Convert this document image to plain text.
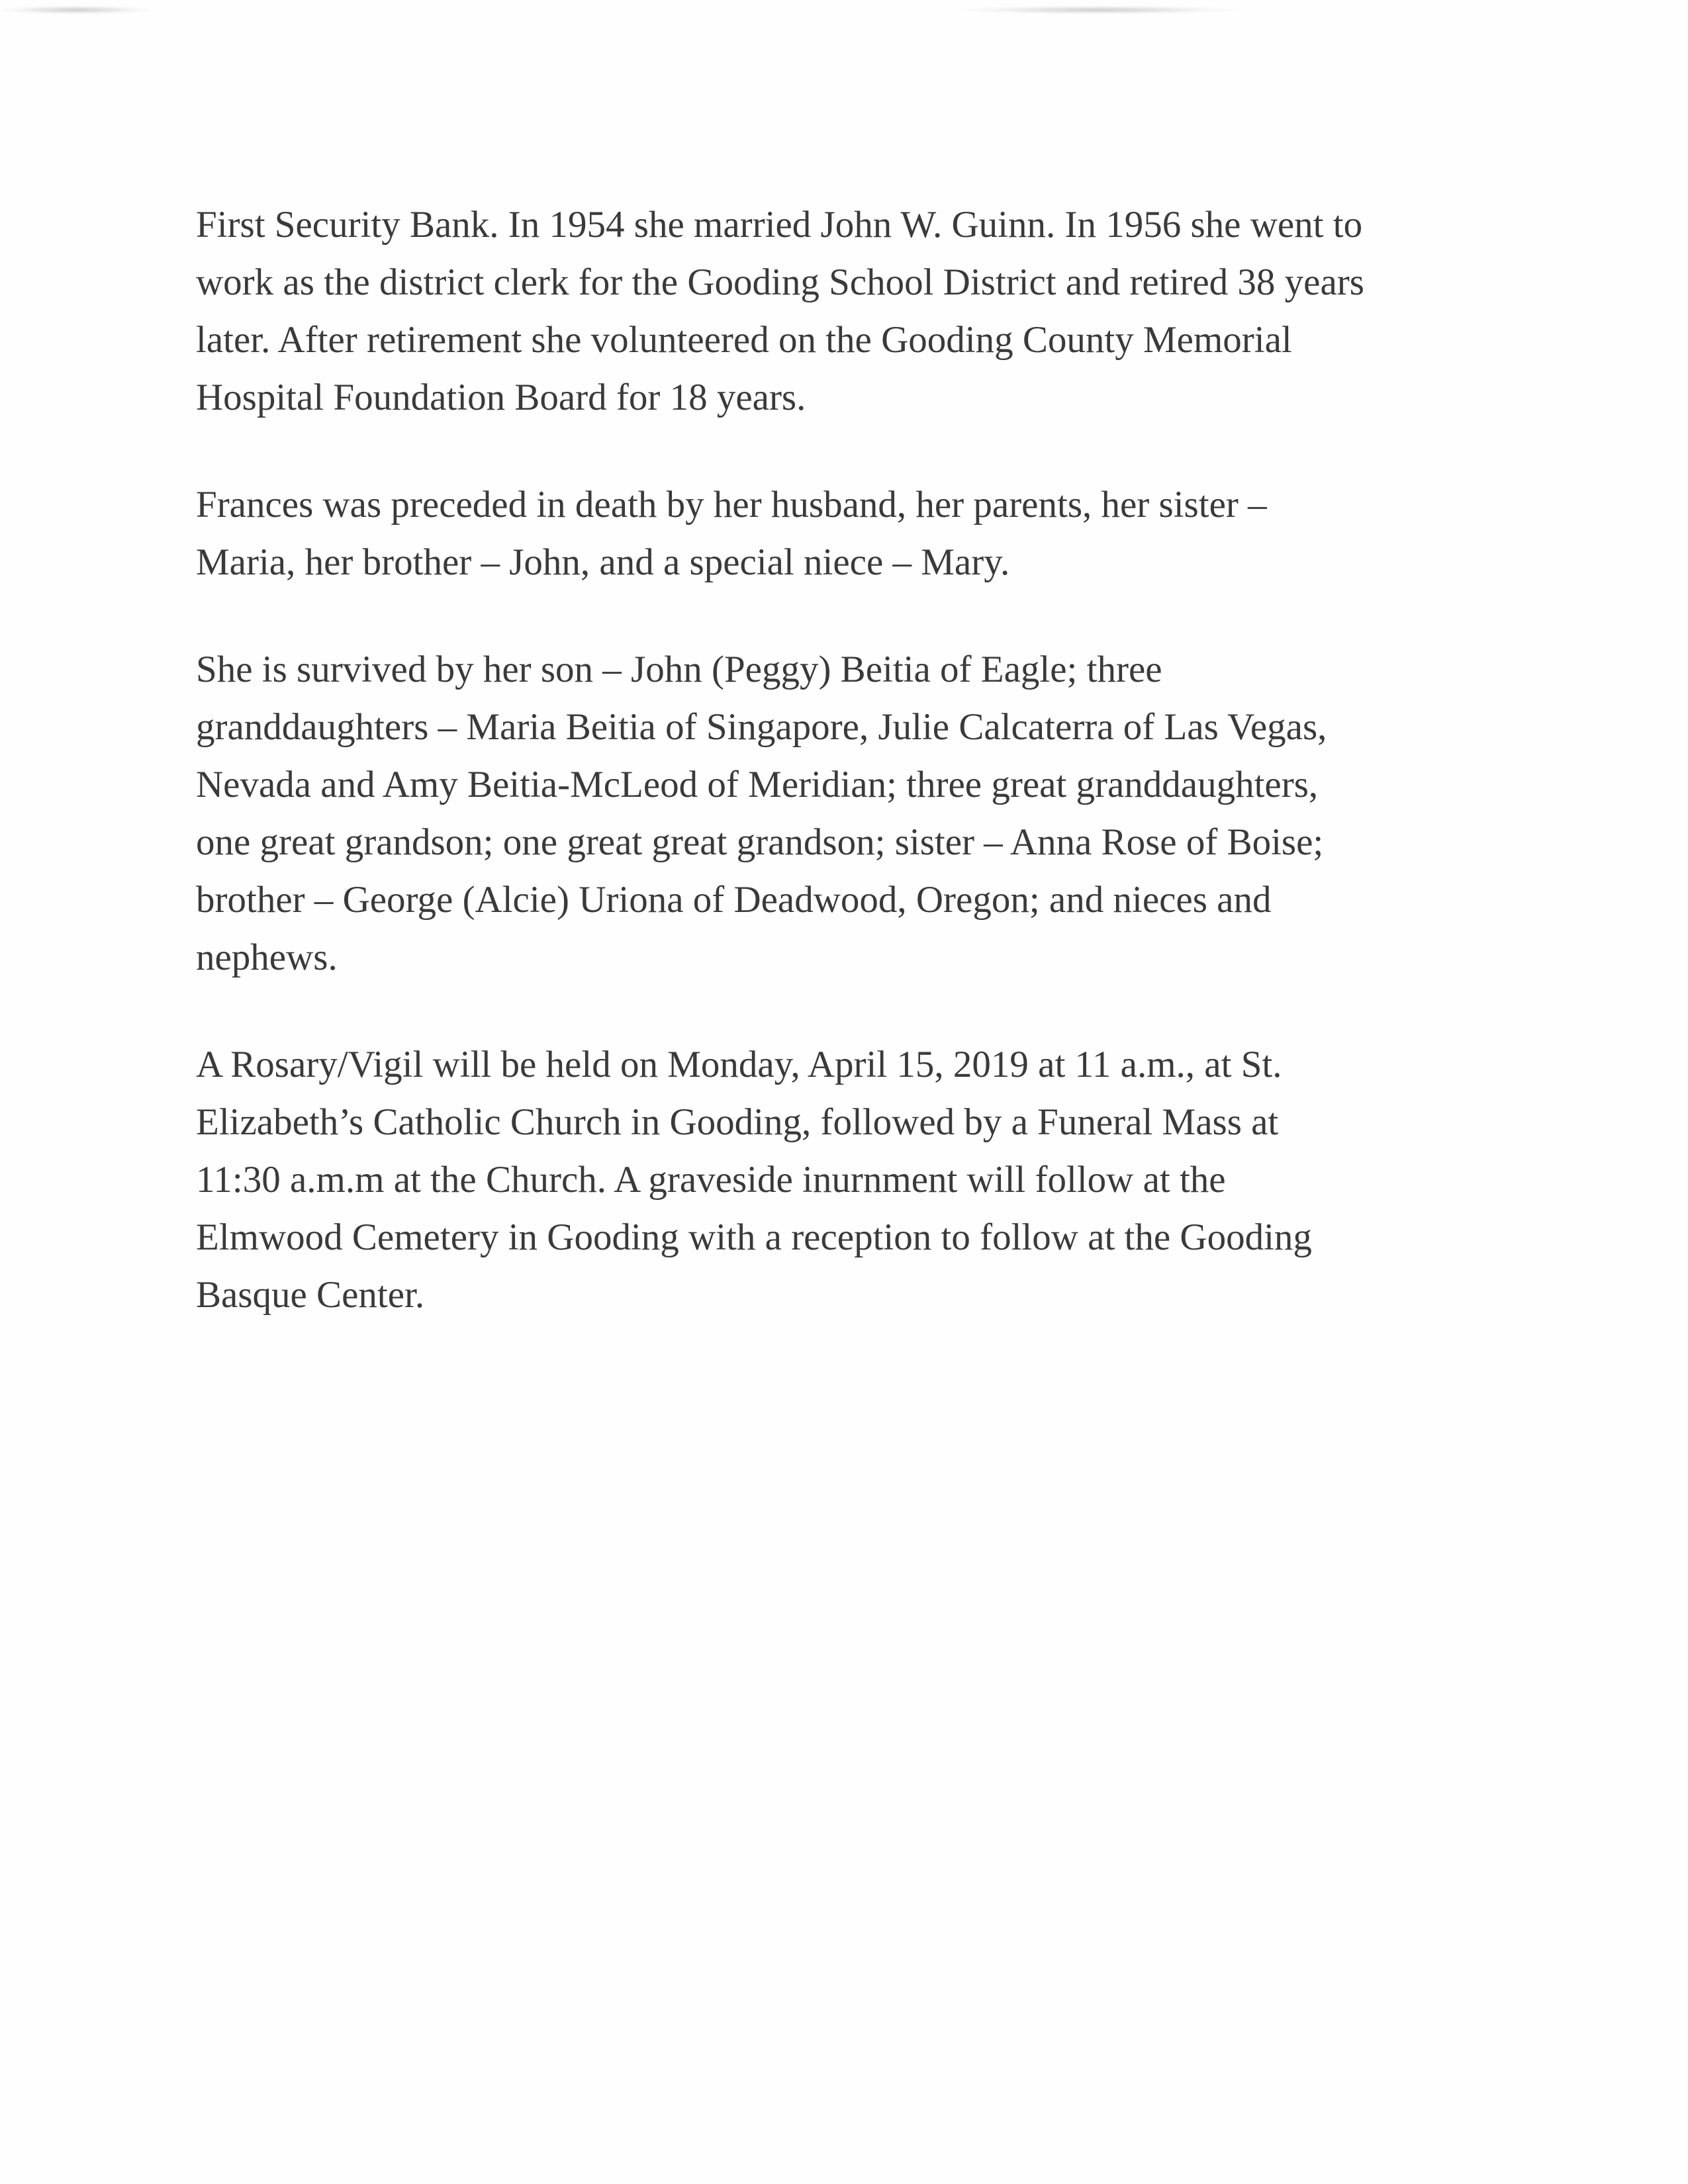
First Security Bank. In 1954 she married John W. Guinn. In 1956 she went to
work as the district clerk for the Gooding School District and retired 38 years
later. After retirement she volunteered on the Gooding County Memorial
Hospital Foundation Board for 18 years.

Frances was preceded in death by her husband, her parents, her sister –
Maria, her brother – John, and a special niece – Mary.

She is survived by her son – John (Peggy) Beitia of Eagle; three
granddaughters – Maria Beitia of Singapore, Julie Calcaterra of Las Vegas,
Nevada and Amy Beitia-McLeod of Meridian; three great granddaughters,
one great grandson; one great great grandson; sister – Anna Rose of Boise;
brother – George (Alcie) Uriona of Deadwood, Oregon; and nieces and
nephews.

A Rosary/Vigil will be held on Monday, April 15, 2019 at 11 a.m., at St.
Elizabeth’s Catholic Church in Gooding, followed by a Funeral Mass at
11:30 a.m.m at the Church. A graveside inurnment will follow at the
Elmwood Cemetery in Gooding with a reception to follow at the Gooding
Basque Center.
